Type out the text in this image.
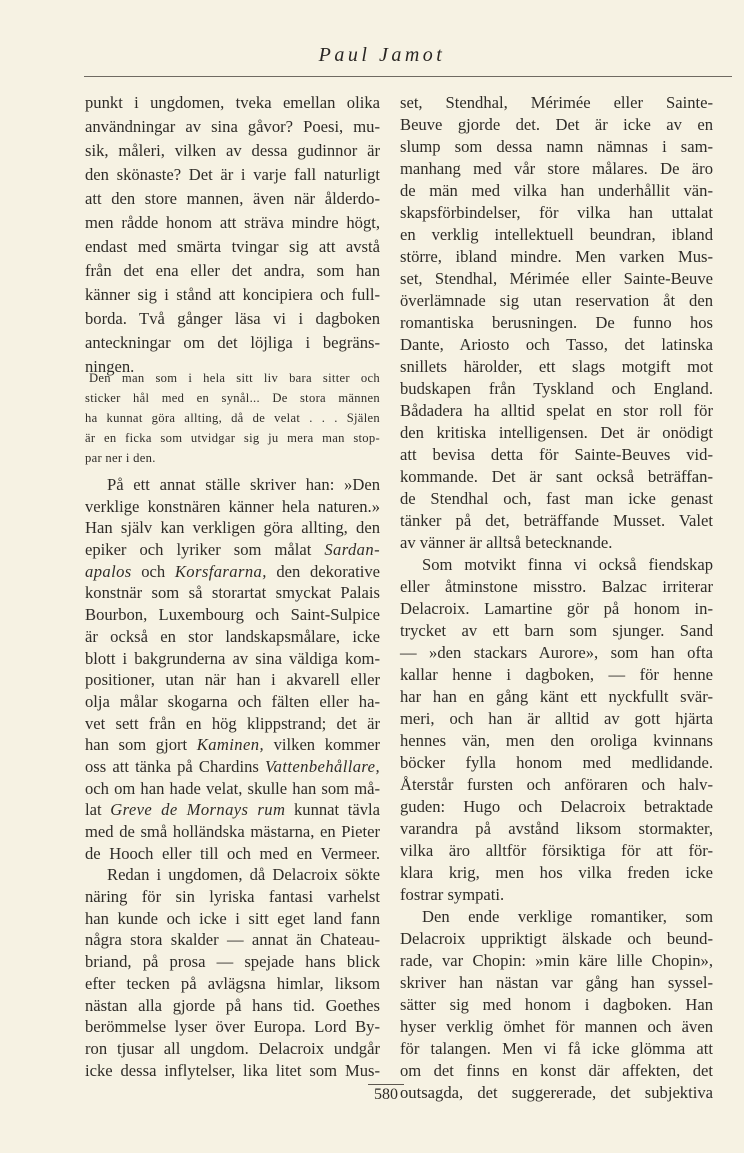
Paul Jamot
punkt i ungdomen, tveka emellan olika
användningar av sina gåvor? Poesi, mu-
sik, måleri, vilken av dessa gudinnor är
den skönaste? Det är i varje fall naturligt
att den store mannen, även när ålderdo-
men rådde honom att sträva mindre högt,
endast med smärta tvingar sig att avstå
från det ena eller det andra, som han
känner sig i stånd att koncipiera och full-
borda. Två gånger läsa vi i dagboken
anteckningar om det löjliga i begräns-
ningen.
Den man som i hela sitt liv bara sitter och
sticker hål med en synål... De stora männen
ha kunnat göra allting, då de velat . . . Själen
är en ficka som utvidgar sig ju mera man stop-
par ner i den.
På ett annat ställe skriver han: »Den
verklige konstnären känner hela naturen.»
Han själv kan verkligen göra allting, den
epiker och lyriker som målat Sardan-
apalos och Korsfararna, den dekorative
konstnär som så storartat smyckat Palais
Bourbon, Luxembourg och Saint-Sulpice
är också en stor landskapsmålare, icke
blott i bakgrunderna av sina väldiga kom-
positioner, utan när han i akvarell eller
olja målar skogarna och fälten eller ha-
vet sett från en hög klippstrand; det är
han som gjort Kaminen, vilken kommer
oss att tänka på Chardins Vattenbehållare,
och om han hade velat, skulle han som må-
lat Greve de Mornays rum kunnat tävla
med de små holländska mästarna, en Pieter
de Hooch eller till och med en Vermeer.
Redan i ungdomen, då Delacroix sökte
näring för sin lyriska fantasi varhelst
han kunde och icke i sitt eget land fann
några stora skalder — annat än Chateau-
briand, på prosa — spejade hans blick
efter tecken på avlägsna himlar, liksom
nästan alla gjorde på hans tid. Goethes
berömmelse lyser över Europa. Lord By-
ron tjusar all ungdom. Delacroix undgår
icke dessa inflytelser, lika litet som Mus-
set, Stendhal, Mérimée eller Sainte-
Beuve gjorde det. Det är icke av en
slump som dessa namn nämnas i sam-
manhang med vår store målares. De äro
de män med vilka han underhållit vän-
skapsförbindelser, för vilka han uttalat
en verklig intellektuell beundran, ibland
större, ibland mindre. Men varken Mus-
set, Stendhal, Mérimée eller Sainte-Beuve
överlämnade sig utan reservation åt den
romantiska berusningen. De funno hos
Dante, Ariosto och Tasso, det latinska
snillets härolder, ett slags motgift mot
budskapen från Tyskland och England.
Bådadera ha alltid spelat en stor roll för
den kritiska intelligensen. Det är onödigt
att bevisa detta för Sainte-Beuves vid-
kommande. Det är sant också beträffan-
de Stendhal och, fast man icke genast
tänker på det, beträffande Musset. Valet
av vänner är alltså betecknande.
Som motvikt finna vi också fiendskap
eller åtminstone misstro. Balzac irriterar
Delacroix. Lamartine gör på honom in-
trycket av ett barn som sjunger. Sand
— »den stackars Aurore», som han ofta
kallar henne i dagboken, — för henne
har han en gång känt ett nyckfullt svär-
meri, och han är alltid av gott hjärta
hennes vän, men den oroliga kvinnans
böcker fylla honom med medlidande.
Återstår fursten och anföraren och halv-
guden: Hugo och Delacroix betraktade
varandra på avstånd liksom stormakter,
vilka äro alltför försiktiga för att för-
klara krig, men hos vilka freden icke
fostrar sympati.
Den ende verklige romantiker, som
Delacroix uppriktigt älskade och beund-
rade, var Chopin: »min käre lille Chopin»,
skriver han nästan var gång han syssel-
sätter sig med honom i dagboken. Han
hyser verklig ömhet för mannen och även
för talangen. Men vi få icke glömma att
om det finns en konst där affekten, det
outsagda, det suggererade, det subjektiva
580
